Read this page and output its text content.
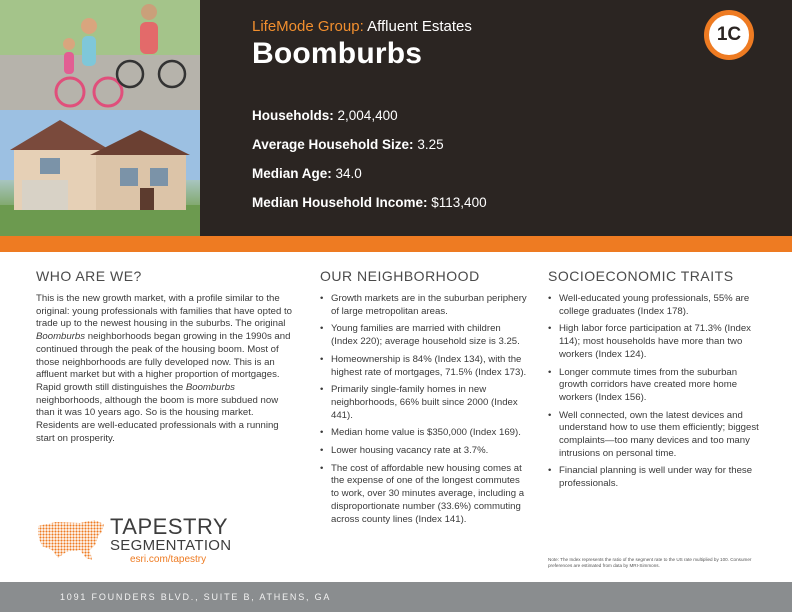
LifeMode Group: Affluent Estates
Boomburbs
1C
Households: 2,004,400
Average Household Size: 3.25
Median Age: 34.0
Median Household Income: $113,400
WHO ARE WE?

This is the new growth market, with a profile similar to the original: young professionals with families that have opted to trade up to the newest housing in the suburbs. The original Boomburbs neighborhoods began growing in the 1990s and continued through the peak of the housing boom. Most of those neighborhoods are fully developed now. This is an affluent market but with a higher proportion of mortgages. Rapid growth still distinguishes the Boomburbs neighborhoods, although the boom is more subdued now than it was 10 years ago. So is the housing market. Residents are well-educated professionals with a running start on prosperity.

OUR NEIGHBORHOOD
• Growth markets are in the suburban periphery of large metropolitan areas.
• Young families are married with children (Index 220); average household size is 3.25.
• Homeownership is 84% (Index 134), with the highest rate of mortgages, 71.5% (Index 173).
• Primarily single-family homes in new neighborhoods, 66% built since 2000 (Index 441).
• Median home value is $350,000 (Index 169).
• Lower housing vacancy rate at 3.7%.
• The cost of affordable new housing comes at the expense of one of the longest commutes to work, over 30 minutes average, including a disproportionate number (33.6%) commuting across county lines (Index 141).
SOCIOECONOMIC TRAITS
• Well-educated young professionals, 55% are college graduates (Index 178).
• High labor force participation at 71.3% (Index 114); most households have more than two workers (Index 124).
• Longer commute times from the suburban growth corridors have created more home workers (Index 156).
• Well connected, own the latest devices and understand how to use them efficiently; biggest complaints—too many devices and too many intrusions on personal time.
• Financial planning is well under way for these professionals.
TAPESTRY
SEGMENTATION
esri.com/tapestry	Note: The Index represents the ratio of the segment rate to the US rate multiplied by 100. Consumer preferences are estimated from data by MRI-Simmons.
1091 FOUNDERS BLVD., SUITE B, ATHENS, GA
